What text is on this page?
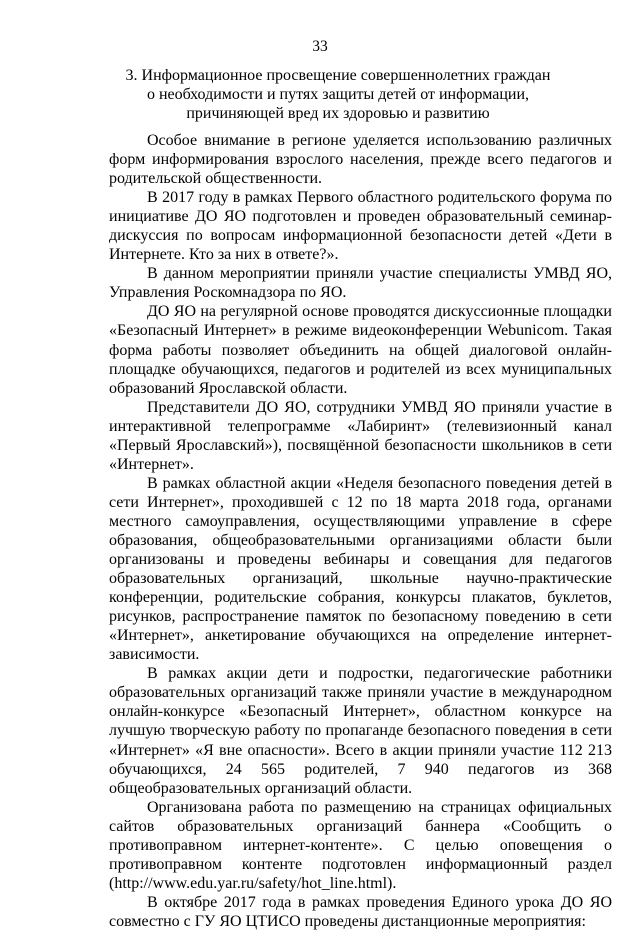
33
3. Информационное просвещение совершеннолетних граждан
о необходимости и путях защиты детей от информации,
причиняющей вред их здоровью и развитию

Особое внимание в регионе уделяется использованию различных форм информирования взрослого населения, прежде всего педагогов и родительской общественности.

В 2017 году в рамках Первого областного родительского форума по инициативе ДО ЯО подготовлен и проведен образовательный семинар-дискуссия по вопросам информационной безопасности детей «Дети в Интернете. Кто за них в ответе?».

В данном мероприятии приняли участие специалисты УМВД ЯО, Управления Роскомнадзора по ЯО.

ДО ЯО на регулярной основе проводятся дискуссионные площадки «Безопасный Интернет» в режиме видеоконференции Webunicom. Такая форма работы позволяет объединить на общей диалоговой онлайн-площадке обучающихся, педагогов и родителей из всех муниципальных образований Ярославской области.

Представители ДО ЯО, сотрудники УМВД ЯО приняли участие в интерактивной телепрограмме «Лабиринт» (телевизионный канал «Первый Ярославский»), посвящённой безопасности школьников в сети «Интернет».

В рамках областной акции «Неделя безопасного поведения детей в сети Интернет», проходившей с 12 по 18 марта 2018 года, органами местного самоуправления, осуществляющими управление в сфере образования, общеобразовательными организациями области были организованы и проведены вебинары и совещания для педагогов образовательных организаций, школьные научно-практические конференции, родительские собрания, конкурсы плакатов, буклетов, рисунков, распространение памяток по безопасному поведению в сети «Интернет», анкетирование обучающихся на определение интернет-зависимости.

В рамках акции дети и подростки, педагогические работники образовательных организаций также приняли участие в международном онлайн-конкурсе «Безопасный Интернет», областном конкурсе на лучшую творческую работу по пропаганде безопасного поведения в сети «Интернет» «Я вне опасности». Всего в акции приняли участие 112 213 обучающихся, 24 565 родителей, 7 940 педагогов из 368 общеобразовательных организаций области.

Организована работа по размещению на страницах официальных сайтов образовательных организаций баннера «Сообщить о противоправном интернет-контенте». С целью оповещения о противоправном контенте подготовлен информационный раздел (http://www.edu.yar.ru/safety/hot_line.html).

В октябре 2017 года в рамках проведения Единого урока ДО ЯО совместно с ГУ ЯО ЦТИСО проведены дистанционные мероприятия:
